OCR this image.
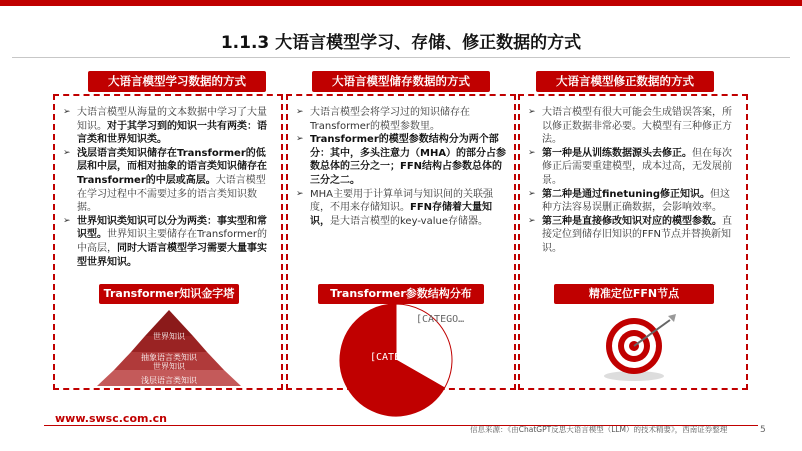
1.1.3 大语言模型学习、存储、修正数据的方式
大语言模型学习数据的方式
➢ 大语言模型从海量的文本数据中学习了大量知识。对于其学习到的知识一共有两类：语言类和世界知识类。
➢ 浅层语言类知识储存在Transformer的低层和中层，而相对抽象的语言类知识储存在Transformer的中层或高层。大语言模型在学习过程中不需要过多的语言类知识数据。
➢ 世界知识类知识可以分为两类：事实型和常识型。世界知识主要储存在Transformer的中高层，同时大语言模型学习需要大量事实型世界知识。
Transformer知识金字塔
世界知识
抽象语言类知识
世界知识
浅层语言类知识
大语言模型储存数据的方式
➢ 大语言模型会将学习过的知识储存在Transformer的模型参数里。
➢ Transformer的模型参数结构分为两个部分：其中，多头注意力（MHA）的部分占参数总体的三分之一；FFN结构占参数总体的三分之二。
➢ MHA主要用于计算单词与知识间的关联强度，不用来存储知识。FFN存储着大量知识，是大语言模型的key-value存储器。
Transformer参数结构分布
[CATEGO…
[CATEGO…
大语言模型修正数据的方式
➢ 大语言模型有很大可能会生成错误答案，所以修正数据非常必要。大模型有三种修正方法。
➢ 第一种是从训练数据源头去修正。但在每次修正后需要重建模型，成本过高，无发展前景。
➢ 第二种是通过finetuning修正知识。但这种方法容易误删正确数据，会影响效率。
➢ 第三种是直接修改知识对应的模型参数。直接定位到储存旧知识的FFN节点并替换新知识。
精准定位FFN节点
www.swsc.com.cn
信息来源：《由ChatGPT反思大语言模型（LLM）的技术精要》，西南证券整理	5
